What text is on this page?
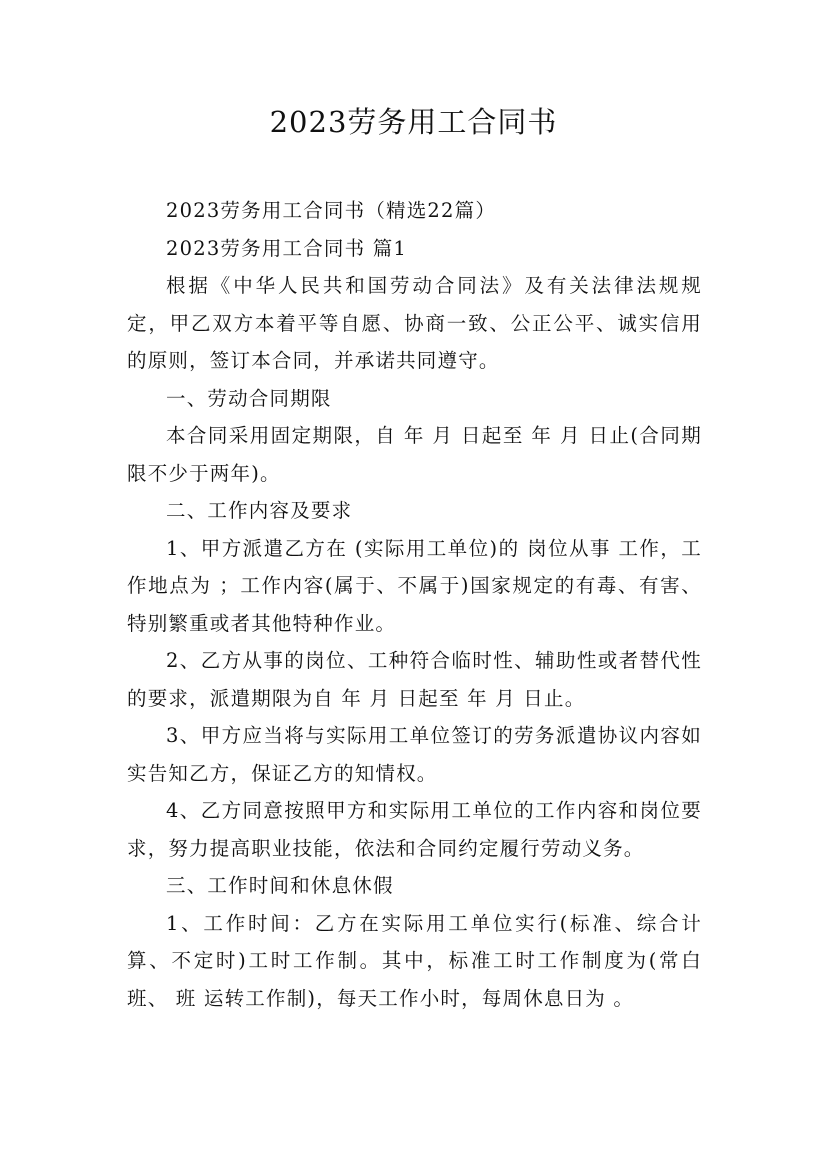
2023劳务用工合同书

2023劳务用工合同书（精选22篇）

2023劳务用工合同书 篇1

根据《中华人民共和国劳动合同法》及有关法律法规规定，甲乙双方本着平等自愿、协商一致、公正公平、诚实信用的原则，签订本合同，并承诺共同遵守。

一、劳动合同期限

本合同采用固定期限，自 年 月 日起至 年 月 日止(合同期限不少于两年)。

二、工作内容及要求

1、甲方派遣乙方在 (实际用工单位)的 岗位从事 工作，工作地点为 ；工作内容(属于、不属于)国家规定的有毒、有害、特别繁重或者其他特种作业。

2、乙方从事的岗位、工种符合临时性、辅助性或者替代性的要求，派遣期限为自 年 月 日起至 年 月 日止。

3、甲方应当将与实际用工单位签订的劳务派遣协议内容如实告知乙方，保证乙方的知情权。

4、乙方同意按照甲方和实际用工单位的工作内容和岗位要求，努力提高职业技能，依法和合同约定履行劳动义务。

三、工作时间和休息休假

1、工作时间：乙方在实际用工单位实行(标准、综合计算、不定时)工时工作制。其中，标准工时工作制度为(常白班、 班 运转工作制)，每天工作小时，每周休息日为 。
